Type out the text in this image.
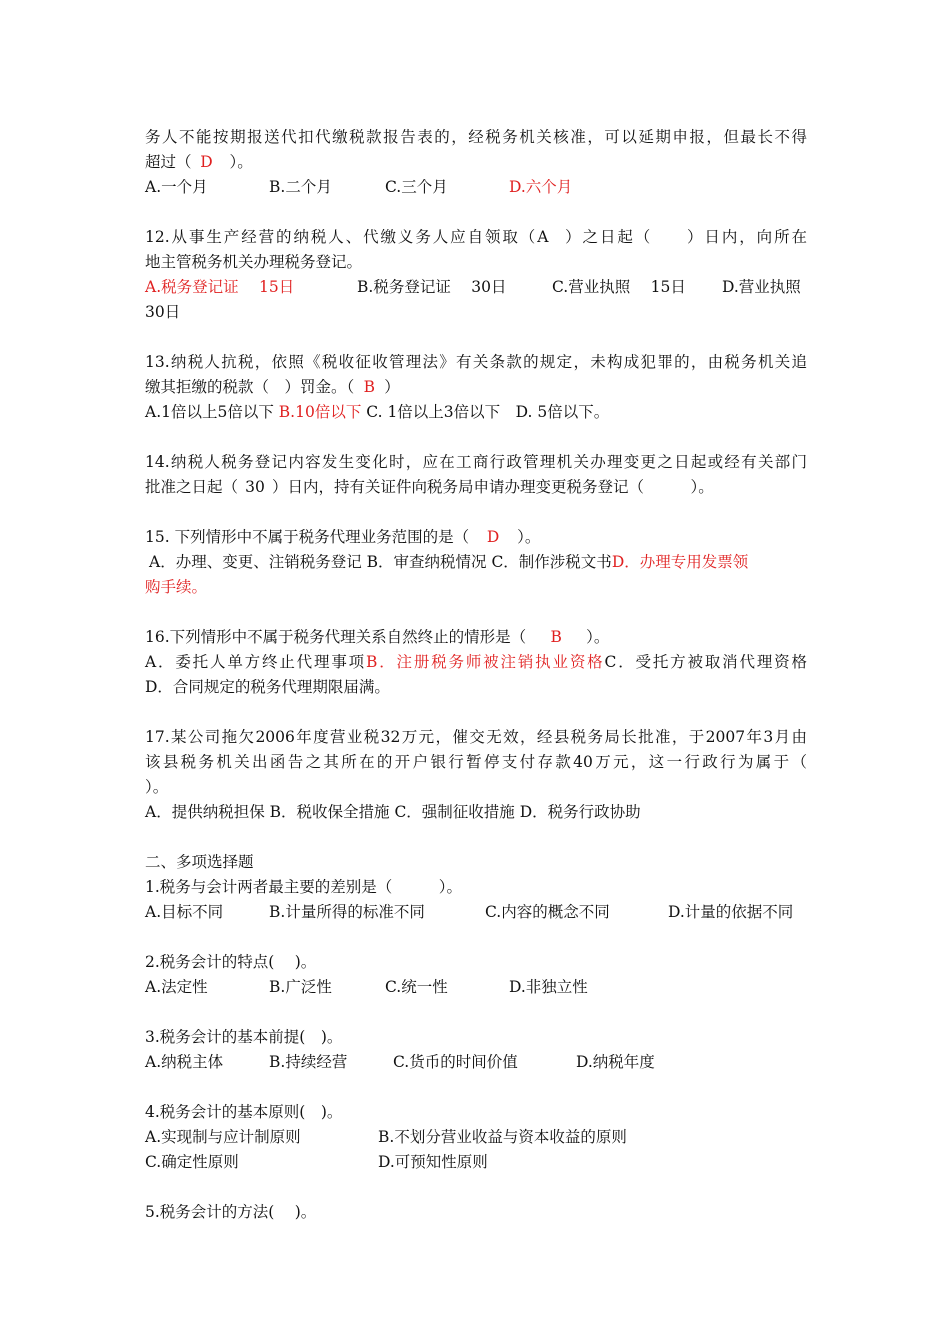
务人不能按期报送代扣代缴税款报告表的，经税务机关核准，可以延期申报，但最长不得
超过（ D ）。
A.一个月	B.二个月	C.三个月	D.六个月
12.从事生产经营的纳税人、代缴义务人应自领取（A ）之日起（　　）日内，向所在
地主管税务机关办理税务登记。
A.税务登记证　 15日	B.税务登记证　 30日	C.营业执照　 15日 D.营业执照
30日
13.纳税人抗税，依照《税收征收管理法》有关条款的规定，未构成犯罪的，由税务机关追
缴其拒缴的税款（　）罚金。（ B ）
A.1倍以上5倍以下 B.10倍以下 C. 1倍以上3倍以下　D. 5倍以下。
14.纳税人税务登记内容发生变化时，应在工商行政管理机关办理变更之日起或经有关部门
批准之日起（ 30 ）日内，持有关证件向税务局申请办理变更税务登记（　　　）。
15. 下列情形中不属于税务代理业务范围的是（ D ）。
A．办理、变更、注销税务登记 B．审查纳税情况 C．制作涉税文书D．办理专用发票领
购手续。
16.下列情形中不属于税务代理关系自然终止的情形是（ B ）。
A．委托人单方终止代理事项B．注册税务师被注销执业资格C．受托方被取消代理资格
D．合同规定的税务代理期限届满。
17.某公司拖欠2006年度营业税32万元，催交无效，经县税务局长批准，于2007年3月由
该县税务机关出函告之其所在的开户银行暂停支付存款40万元，这一行政行为属于（
）。
A．提供纳税担保 B．税收保全措施 C．强制征收措施 D．税务行政协助
二、多项选择题
1.税务与会计两者最主要的差别是（　　　）。
A.目标不同	B.计量所得的标准不同	C.内容的概念不同	D.计量的依据不同
2.税务会计的特点(　 )。
A.法定性	B.广泛性	C.统一性	D.非独立性
3.税务会计的基本前提(　)。
A.纳税主体	B.持续经营	C.货币的时间价值	D.纳税年度
4.税务会计的基本原则(　)。
A.实现制与应计制原则	B.不划分营业收益与资本收益的原则
C.确定性原则	D.可预知性原则
5.税务会计的方法(　 )。
